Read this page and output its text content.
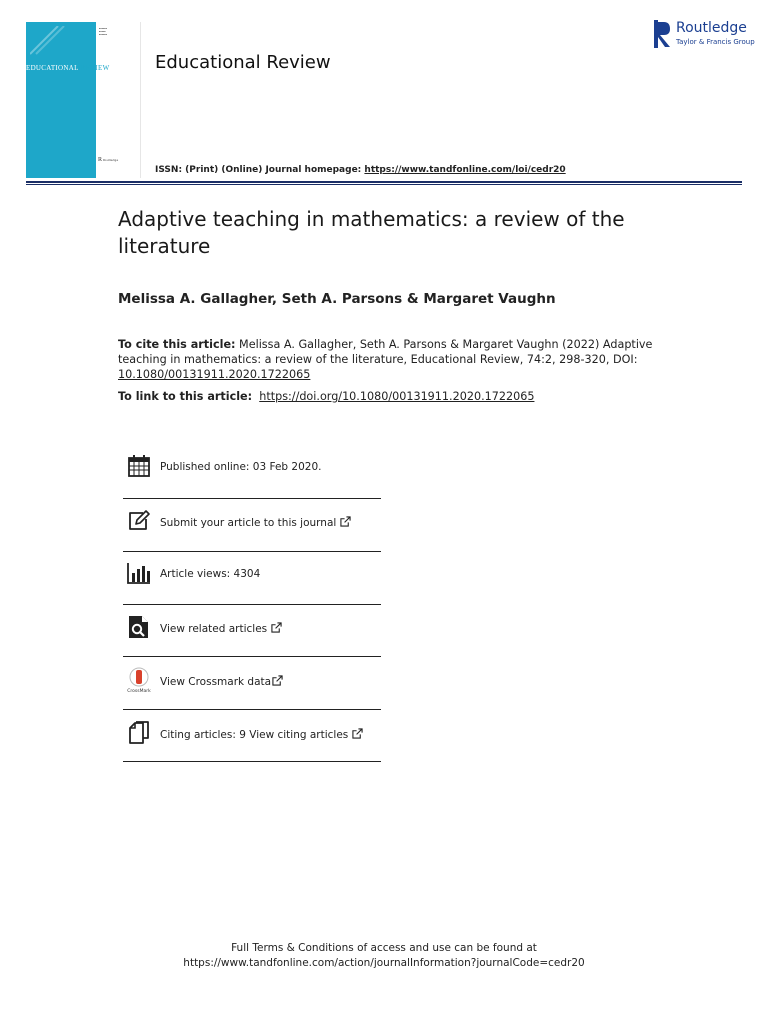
▪▪▪▪▪▪
▪▪▪▪▪
▪▪▪▪▪▪
EDUCATIONAL REVIEW
R Routledge
Educational Review
Routledge
Taylor & Francis Group
ISSN: (Print) (Online) Journal homepage: https://www.tandfonline.com/loi/cedr20
Adaptive teaching in mathematics: a review of the literature
Melissa A. Gallagher, Seth A. Parsons & Margaret Vaughn
To cite this article: Melissa A. Gallagher, Seth A. Parsons & Margaret Vaughn (2022) Adaptive teaching in mathematics: a review of the literature, Educational Review, 74:2, 298-320, DOI: 10.1080/00131911.2020.1722065
To link to this article: https://doi.org/10.1080/00131911.2020.1722065
Published online: 03 Feb 2020.
Submit your article to this journal
Article views: 4304
View related articles
CrossMark
View Crossmark data
Citing articles: 9 View citing articles
Full Terms & Conditions of access and use can be found at
https://www.tandfonline.com/action/journalInformation?journalCode=cedr20
